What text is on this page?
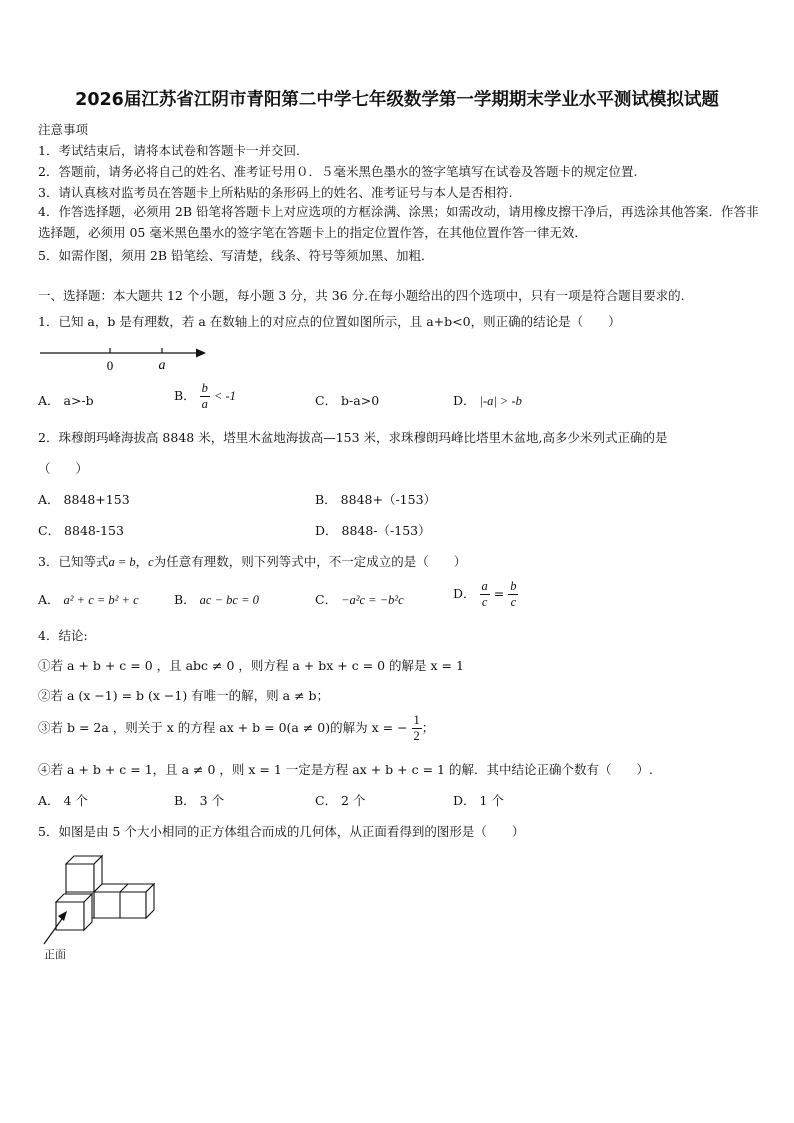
2026届江苏省江阴市青阳第二中学七年级数学第一学期期末学业水平测试模拟试题
注意事项
1．考试结束后，请将本试卷和答题卡一并交回.
2．答题前，请务必将自己的姓名、准考证号用０．５毫米黑色墨水的签字笔填写在试卷及答题卡的规定位置.
3．请认真核对监考员在答题卡上所粘贴的条形码上的姓名、准考证号与本人是否相符.
4．作答选择题，必须用 2B 铅笔将答题卡上对应选项的方框涂满、涂黑；如需改动，请用橡皮擦干净后，再选涂其他答案．作答非选择题，必须用 05 毫米黑色墨水的签字笔在答题卡上的指定位置作答，在其他位置作答一律无效．
5．如需作图，须用 2B 铅笔绘、写清楚，线条、符号等须加黑、加粗．
一、选择题：本大题共 12 个小题，每小题 3 分，共 36 分.在每小题给出的四个选项中，只有一项是符合题目要求的.
1．已知 a，b 是有理数，若 a 在数轴上的对应点的位置如图所示，且 a+b<0，则正确的结论是（　　）
0	a
A． a>-b	B． $\frac{b}{a} < -1$	C． b-a>0	D． |-a| > -b
2．珠穆朗玛峰海拔高 8848 米，塔里木盆地海拔高—153 米，求珠穆朗玛峰比塔里木盆地,高多少米列式正确的是
（　　）
A． 8848+153	B． 8848+（-153）
C． 8848-153	D． 8848-（-153）
3．已知等式a = b，c为任意有理数，则下列等式中，不一定成立的是（　　）
A． a² + c = b² + c	B． ac − bc = 0	C． −a²c = −b²c	D． $\frac{a}{c} = \frac{b}{c}$
4．结论:
①若 a + b + c = 0 ，且 abc ≠ 0 ，则方程 a + bx + c = 0 的解是 x = 1
②若 a (x −1) = b (x −1) 有唯一的解，则 a ≠ b；
③若 b = 2a ，则关于 x 的方程 ax + b = 0(a ≠ 0)的解为 x = − $\frac{1}{2}$ ；
④若 a + b + c = 1，且 a ≠ 0 ，则 x = 1 一定是方程 ax + b + c = 1 的解．其中结论正确个数有（　　）.
A． 4 个	B． 3 个	C． 2 个	D． 1 个
5．如图是由 5 个大小相同的正方体组合而成的几何体，从正面看得到的图形是（　　）
正面
